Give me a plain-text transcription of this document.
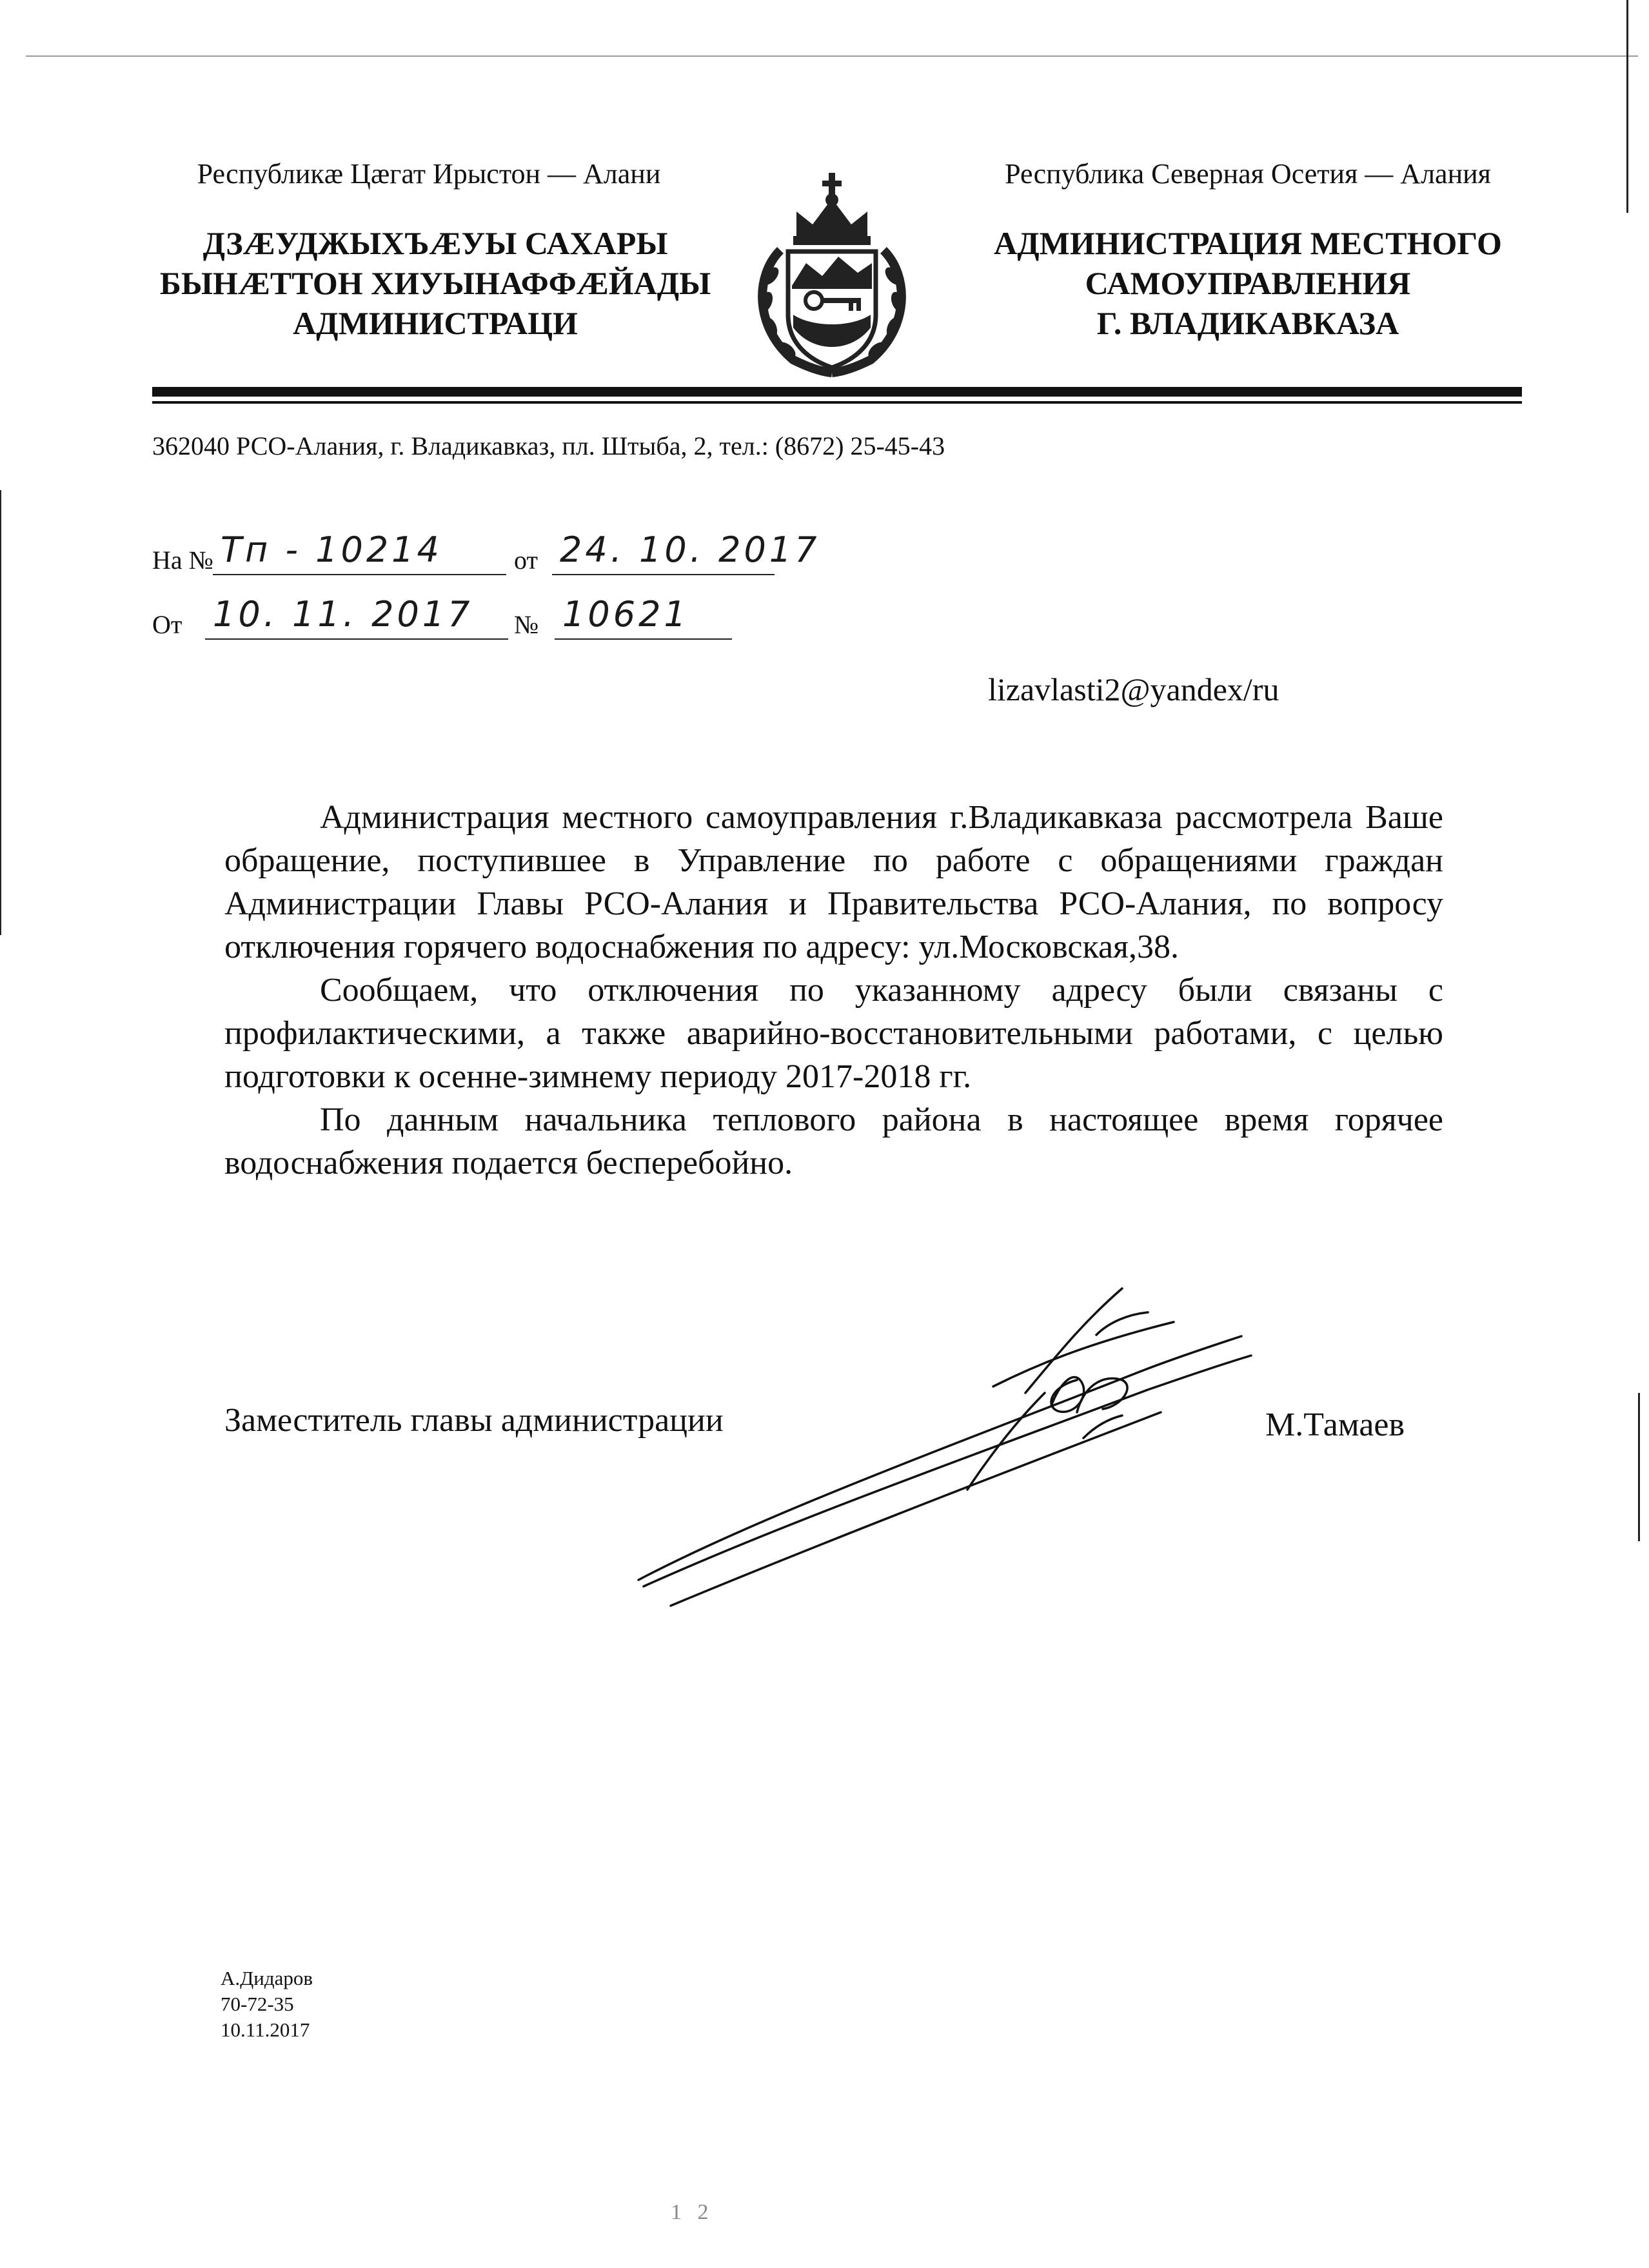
Республикæ Цæгат Ирыстон — Алани
ДЗÆУДЖЫХЪÆУЫ САХАРЫ
БЫНÆТТОН ХИУЫНАФФÆЙАДЫ
АДМИНИСТРАЦИ
Республика Северная Осетия — Алания
АДМИНИСТРАЦИЯ МЕСТНОГО
САМОУПРАВЛЕНИЯ
Г. ВЛАДИКАВКАЗА
362040 РСО-Алания, г. Владикавказ, пл. Штыба, 2, тел.: (8672) 25-45-43
На № Тп - 10214	от 24. 10. 2017
От 10. 11. 2017 № 10621
lizavlasti2@yandex/ru

Администрация местного самоуправления г.Владикавказа рассмотрела Ваше обращение, поступившее в Управление по работе с обращениями граждан Администрации Главы РСО-Алания и Правительства РСО-Алания, по вопросу отключения горячего водоснабжения по адресу: ул.Московская,38.

Сообщаем, что отключения по указанному адресу были связаны с профилактическими, а также аварийно-восстановительными работами, с целью подготовки к осенне-зимнему периоду 2017-2018 гг.

По данным начальника теплового района в настоящее время горячее водоснабжения подается бесперебойно.

Заместитель главы администрации	М.Тамаев
А.Дидаров
70-72-35
10.11.2017
1 2
